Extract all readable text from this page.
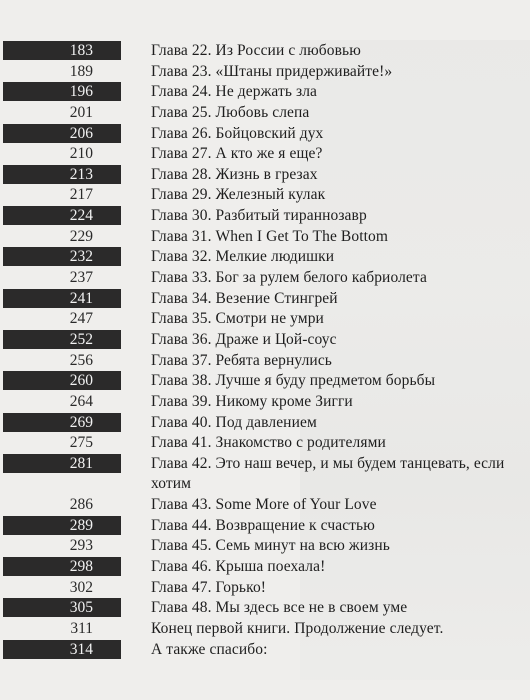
183	Глава 22. Из России с любовью
189	Глава 23. «Штаны придерживайте!»
196	Глава 24. Не держать зла
201	Глава 25. Любовь слепа
206	Глава 26. Бойцовский дух
210	Глава 27. А кто же я еще?
213	Глава 28. Жизнь в грезах
217	Глава 29. Железный кулак
224	Глава 30. Разбитый тираннозавр
229	Глава 31. When I Get To The Bottom
232	Глава 32. Мелкие людишки
237	Глава 33. Бог за рулем белого кабриолета
241	Глава 34. Везение Стингрей
247	Глава 35. Смотри не умри
252	Глава 36. Драже и Цой-соус
256	Глава 37. Ребята вернулись
260	Глава 38. Лучше я буду предметом борьбы
264	Глава 39. Никому кроме Зигги
269	Глава 40. Под давлением
275	Глава 41. Знакомство с родителями
281	Глава 42. Это наш вечер, и мы будем танцевать, если хотим
286	Глава 43. Some More of Your Love
289	Глава 44. Возвращение к счастью
293	Глава 45. Семь минут на всю жизнь
298	Глава 46. Крыша поехала!
302	Глава 47. Горько!
305	Глава 48. Мы здесь все не в своем уме
311	Конец первой книги. Продолжение следует.
314	А также спасибо:
